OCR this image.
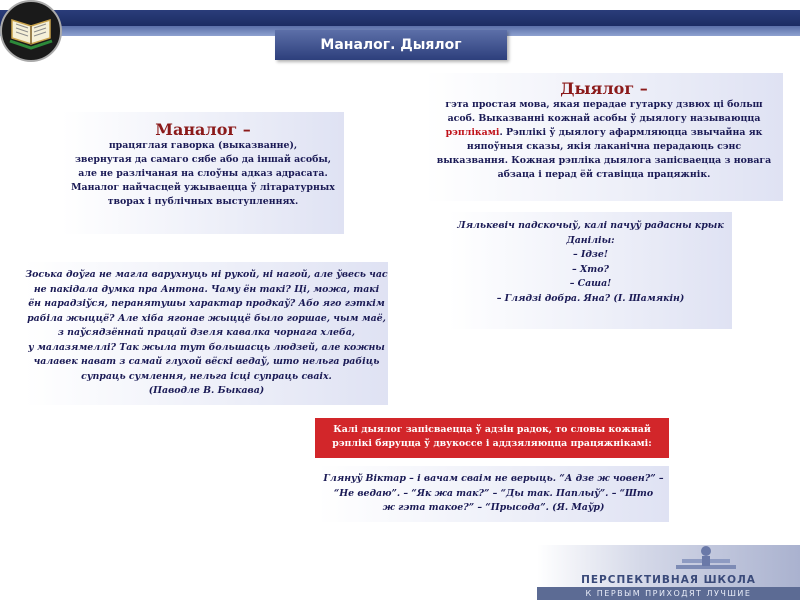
Маналог. Дыялог
Маналог –
працяглая гаворка (выказванне),
звернутая да самаго сябе або да іншай асобы,
але не разлічаная на слоўны адказ адрасата.
Маналог найчасцей ужываецца ў літаратурных
творах і публічных выступленнях.
Дыялог –
гэта простая мова, якая перадае гутарку дзвюх ці больш
асоб. Выказванні кожнай асобы ў дыялогу называюцца
рэплікамі. Рэплікі ў дыялогу афармляюцца звычайна як
няпоўныя сказы, якія лаканічна перадаюць сэнс
выказвання. Кожная рэпліка дыялога запісваецца з новага
абзаца і перад ёй ставіцца працяжнік.
Лялькевіч падскочыў, калі пачуў радасны крык
Даніліы:
– Ідзе!
– Хто?
– Саша!
– Глядзі добра. Яна? (І. Шамякін)
Зоська доўга не магла варухнуць ні рукой, ні нагой, але ўвесь час
не пакідала думка пра Антона. Чаму ён такі? Ці, можа, такі
ён нарадзіўся, перанятушы характар продкаў? Або яго гэткім
рабіла жыццё? Але хіба ягонае жыццё было горшае, чым маё,
з паўсядзённай працай дзеля кавалка чорнага хлеба,
у малазямеллі? Так жыла тут большасць людзей, але кожны
чалавек нават з самай глухой вёскі ведаў, што нельга рабіць
супраць сумлення, нельга ісці супраць сваіх.
(Паводле В. Быкава)
Калі дыялог запісваецца ў адзін радок, то словы кожнай
рэплікі бяруцца ў двукоссе і аддзяляюцца працяжнікамі:
Глянуў Віктар – і вачам сваім не верыць. “А дзе ж човен?” –
“Не ведаю”. – “Як жа так?” – “Ды так. Паплыў”. – “Што
ж гэта такое?” – “Прысода”. (Я. Маўр)
ПЕРСПЕКТИВНАЯ ШКОЛА
К ПЕРВЫМ ПРИХОДЯТ ЛУЧШИЕ
